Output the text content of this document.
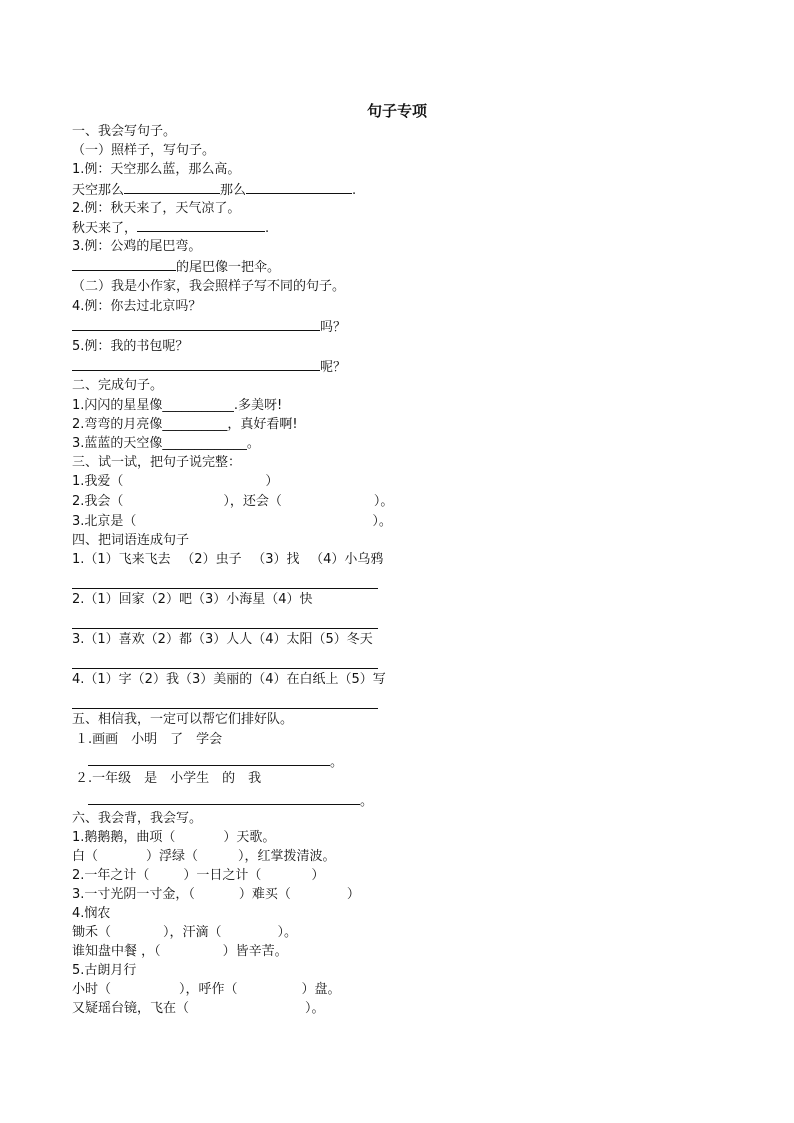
句子专项
一、我会写句子。
（一）照样子，写句子。
1.例：天空那么蓝，那么高。
天空那么	那么	.
2.例：秋天来了，天气凉了。
秋天来了，	.
3.例：公鸡的尾巴弯。
的尾巴像一把伞。
（二）我是小作家，我会照样子写不同的句子。
4.例：你去过北京吗？
吗？
5.例：我的书包呢？
呢？
二、完成句子。
1.闪闪的星星像___________.多美呀!
2.弯弯的月亮像__________，真好看啊!
3.蓝蓝的天空像_____________。
三、试一试，把句子说完整：
1.我爱（	）
2.我会（	），还会（	）。
3.北京是（	）。
四、把词语连成句子
1.（1）飞来飞去 　（2）虫子 　（3）找 　（4）小乌鸦
2.（1）回家（2）吧（3）小海星（4）快
3.（1）喜欢（2）都（3）人人（4）太阳（5）冬天
4.（1）字（2）我（3）美丽的（4）在白纸上（5）写
五、相信我，一定可以帮它们排好队。
１.画画　小明　了　学会
。
２.一年级　是　小学生　的　我
。
六、我会背，我会写。
1.鹅鹅鹅，曲项（	）天歌。
白（	）浮绿（	），红掌拨清波。
2.一年之计（	）一日之计（	）
3.一寸光阴一寸金，（	）难买（	）
4.悯农
锄禾（	），汗滴（	）。
谁知盘中餐 ，（	）皆辛苦。
5.古朗月行
小时（	），呼作（	）盘。
又疑瑶台镜，飞在（	）。
